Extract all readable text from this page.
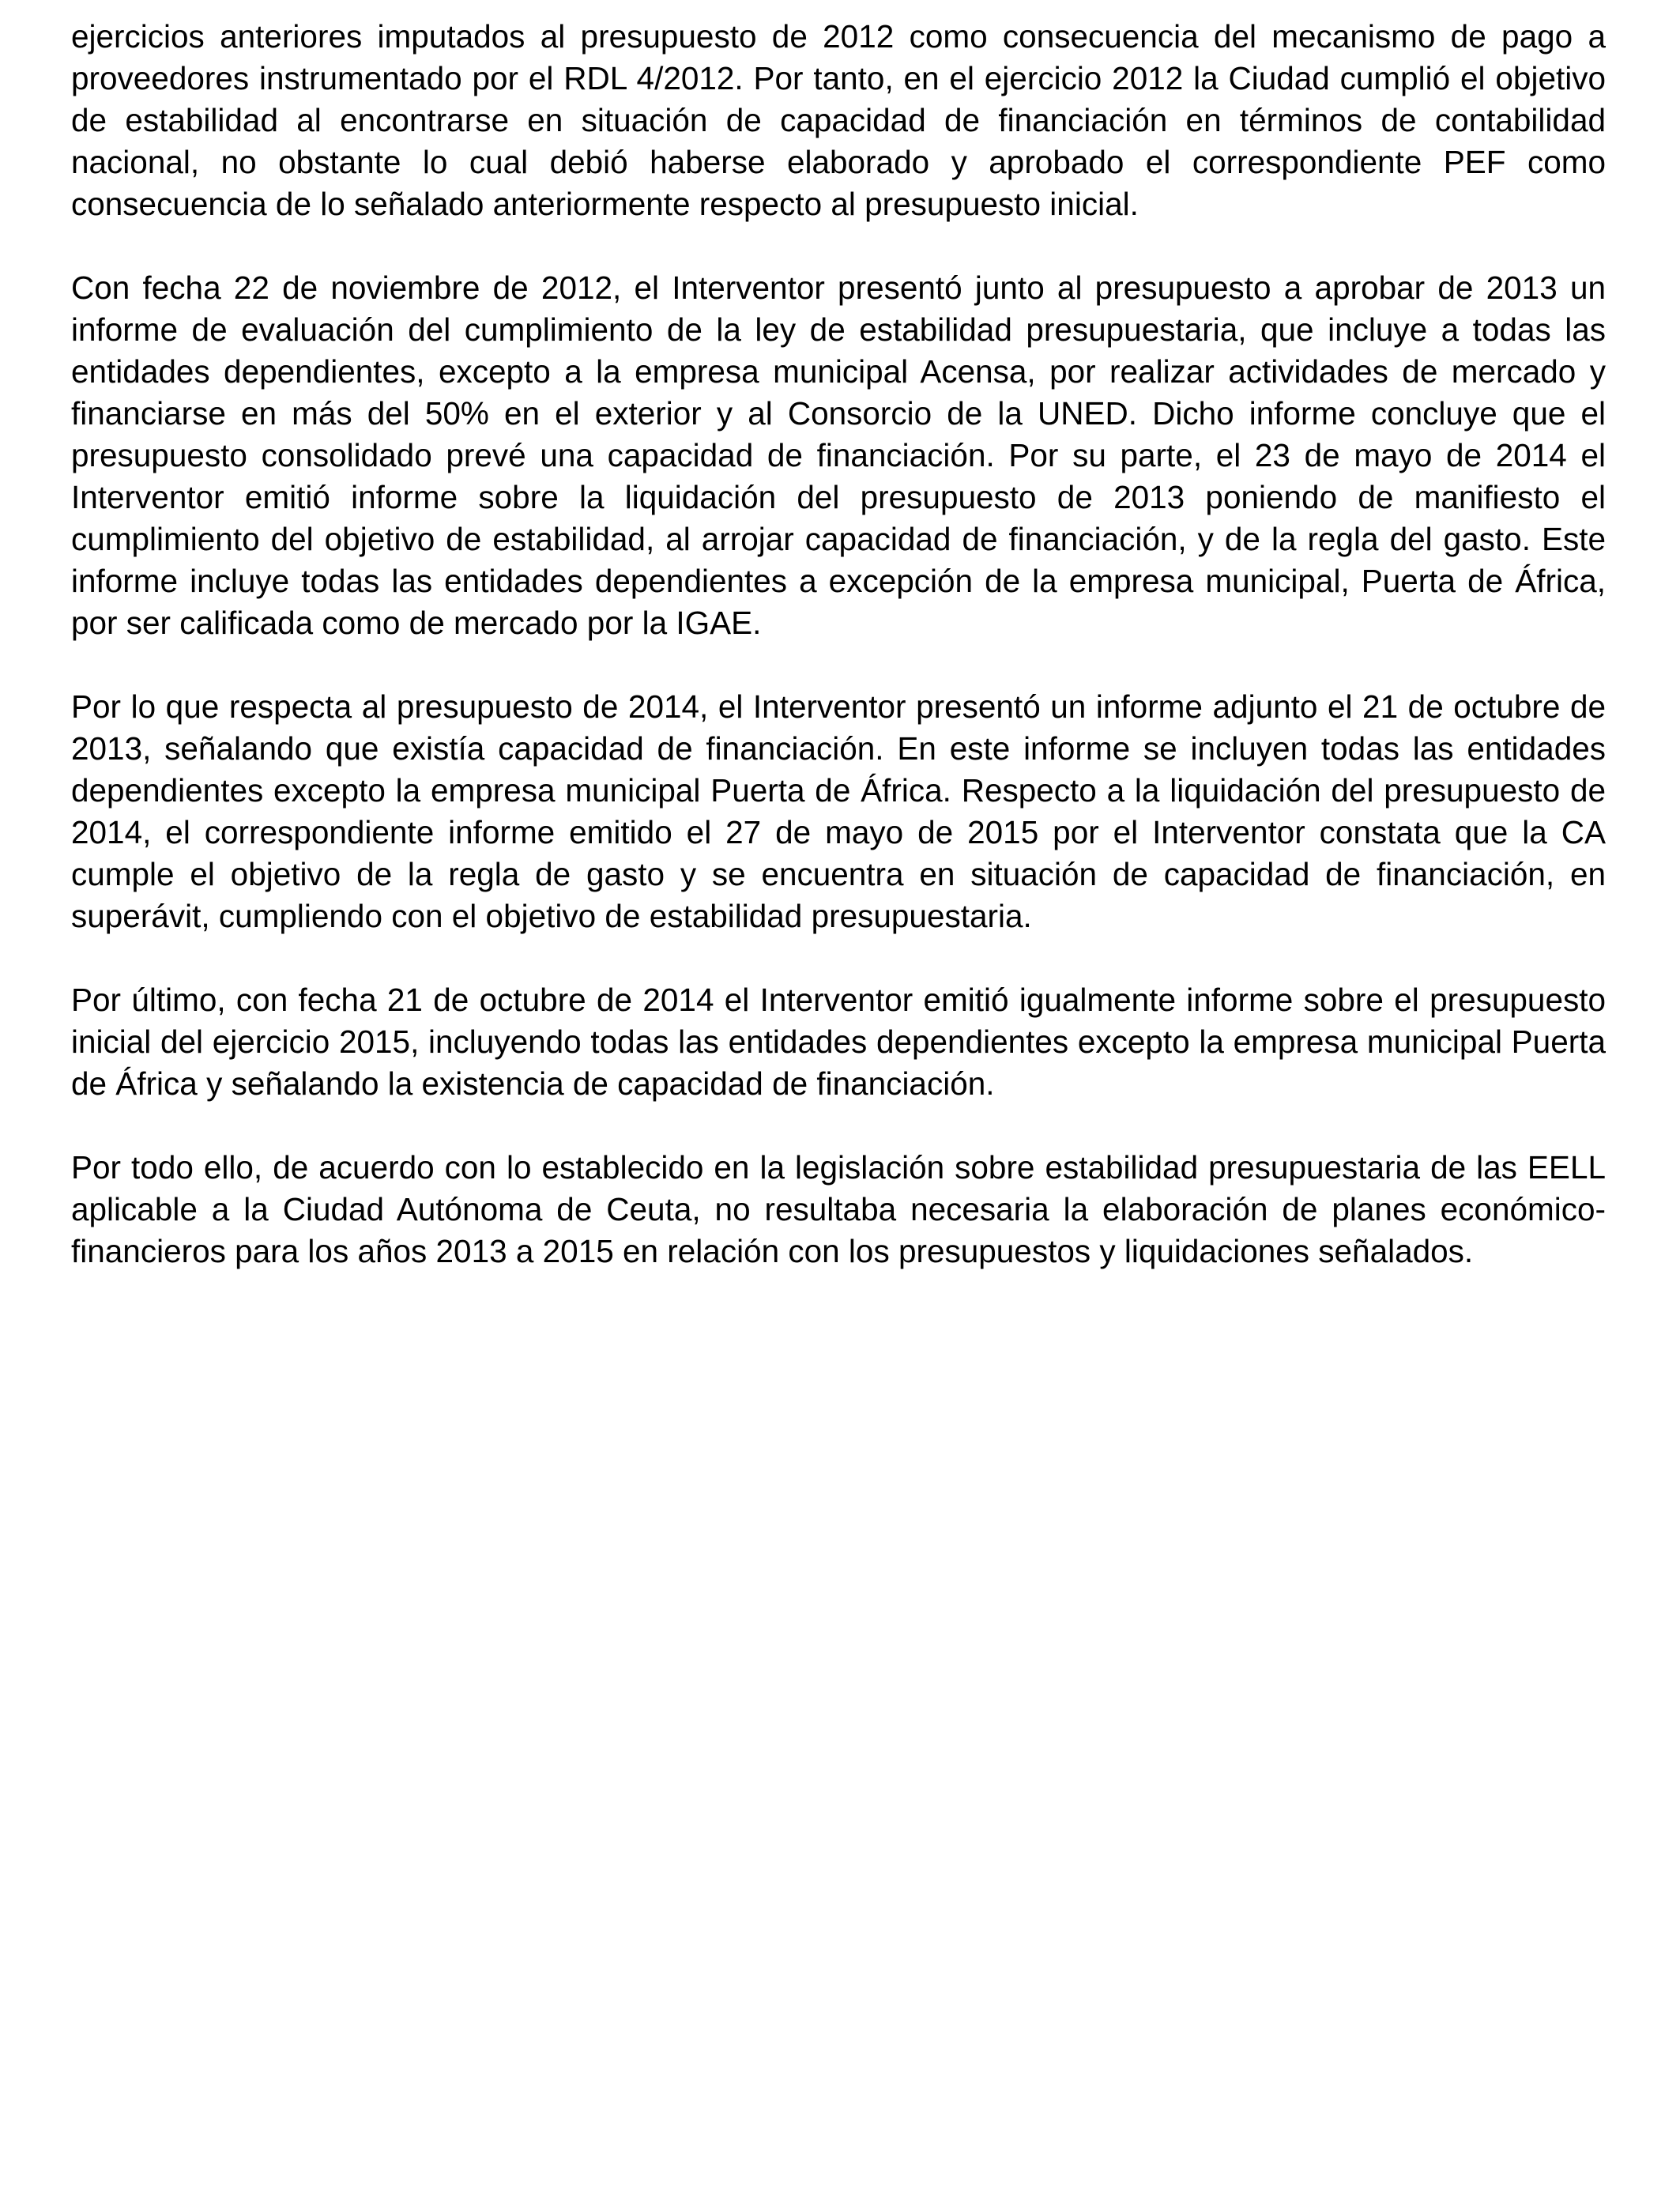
ejercicios anteriores imputados al presupuesto de 2012 como consecuencia del mecanismo de pago a proveedores instrumentado por el RDL 4/2012. Por tanto, en el ejercicio 2012 la Ciudad cumplió el objetivo de estabilidad al encontrarse en situación de capacidad de financiación en términos de contabilidad nacional, no obstante lo cual debió haberse elaborado y aprobado el correspondiente PEF como consecuencia de lo señalado anteriormente respecto al presupuesto inicial.

Con fecha 22 de noviembre de 2012, el Interventor presentó junto al presupuesto a aprobar de 2013 un informe de evaluación del cumplimiento de la ley de estabilidad presupuestaria, que incluye a todas las entidades dependientes, excepto a la empresa municipal Acensa, por realizar actividades de mercado y financiarse en más del 50% en el exterior y al Consorcio de la UNED. Dicho informe concluye que el presupuesto consolidado prevé una capacidad de financiación. Por su parte, el 23 de mayo de 2014 el Interventor emitió informe sobre la liquidación del presupuesto de 2013 poniendo de manifiesto el cumplimiento del objetivo de estabilidad, al arrojar capacidad de financiación, y de la regla del gasto. Este informe incluye todas las entidades dependientes a excepción de la empresa municipal, Puerta de África, por ser calificada como de mercado por la IGAE.

Por lo que respecta al presupuesto de 2014, el Interventor presentó un informe adjunto el 21 de octubre de 2013, señalando que existía capacidad de financiación. En este informe se incluyen todas las entidades dependientes excepto la empresa municipal Puerta de África. Respecto a la liquidación del presupuesto de 2014, el correspondiente informe emitido el 27 de mayo de 2015 por el Interventor constata que la CA cumple el objetivo de la regla de gasto y se encuentra en situación de capacidad de financiación, en superávit, cumpliendo con el objetivo de estabilidad presupuestaria.

Por último, con fecha 21 de octubre de 2014 el Interventor emitió igualmente informe sobre el presupuesto inicial del ejercicio 2015, incluyendo todas las entidades dependientes excepto la empresa municipal Puerta de África y señalando la existencia de capacidad de financiación.

Por todo ello, de acuerdo con lo establecido en la legislación sobre estabilidad presupuestaria de las EELL aplicable a la Ciudad Autónoma de Ceuta, no resultaba necesaria la elaboración de planes económico-financieros para los años 2013 a 2015 en relación con los presupuestos y liquidaciones señalados.
